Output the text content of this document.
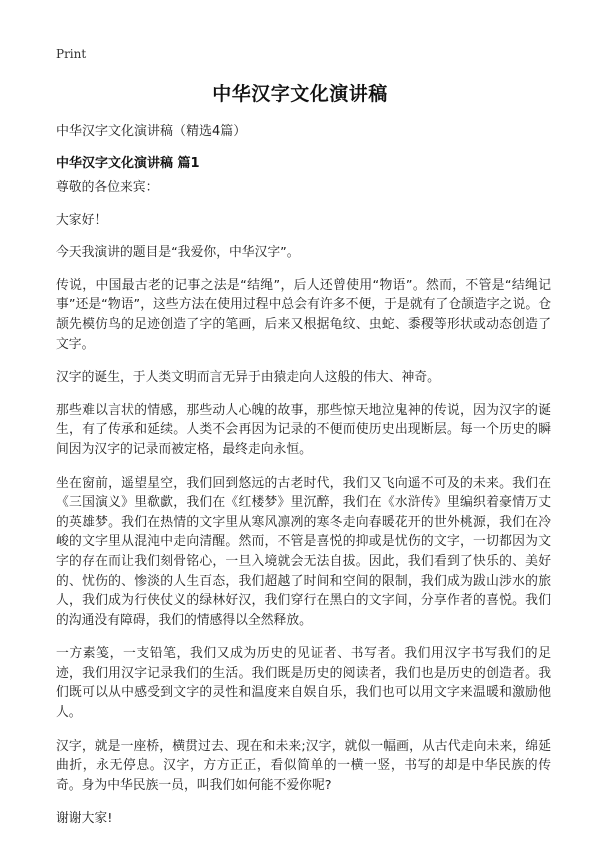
Print
中华汉字文化演讲稿
中华汉字文化演讲稿（精选4篇）
中华汉字文化演讲稿 篇1

尊敬的各位来宾：

大家好！

今天我演讲的题目是“我爱你，中华汉字”。

传说，中国最古老的记事之法是“结绳”，后人还曾使用“物语”。然而，不管是“结绳记事”还是“物语”，这些方法在使用过程中总会有许多不便，于是就有了仓颉造字之说。仓颉先模仿鸟的足迹创造了字的笔画，后来又根据龟纹、虫蛇、黍稷等形状或动态创造了文字。

汉字的诞生，于人类文明而言无异于由猿走向人这般的伟大、神奇。

那些难以言状的情感，那些动人心魄的故事，那些惊天地泣鬼神的传说，因为汉字的诞生，有了传承和延续。人类不会再因为记录的不便而使历史出现断层。每一个历史的瞬间因为汉字的记录而被定格，最终走向永恒。

坐在窗前，遥望星空，我们回到悠远的古老时代，我们又飞向遥不可及的未来。我们在《三国演义》里欷歔，我们在《红楼梦》里沉醉，我们在《水浒传》里编织着豪情万丈的英雄梦。我们在热情的文字里从寒风凛冽的寒冬走向春暖花开的世外桃源，我们在冷峻的文字里从混沌中走向清醒。然而，不管是喜悦的抑或是忧伤的文字，一切都因为文字的存在而让我们刻骨铭心，一旦入境就会无法自拔。因此，我们看到了快乐的、美好的、忧伤的、惨淡的人生百态，我们超越了时间和空间的限制，我们成为跋山涉水的旅人，我们成为行侠仗义的绿林好汉，我们穿行在黑白的文字间，分享作者的喜悦。我们的沟通没有障碍，我们的情感得以全然释放。

一方素笺，一支铅笔，我们又成为历史的见证者、书写者。我们用汉字书写我们的足迹，我们用汉字记录我们的生活。我们既是历史的阅读者，我们也是历史的创造者。我们既可以从中感受到文字的灵性和温度来自娱自乐，我们也可以用文字来温暖和激励他人。

汉字，就是一座桥，横贯过去、现在和未来;汉字，就似一幅画，从古代走向未来，绵延曲折，永无停息。汉字，方方正正，看似简单的一横一竖，书写的却是中华民族的传奇。身为中华民族一员，叫我们如何能不爱你呢?

谢谢大家!
